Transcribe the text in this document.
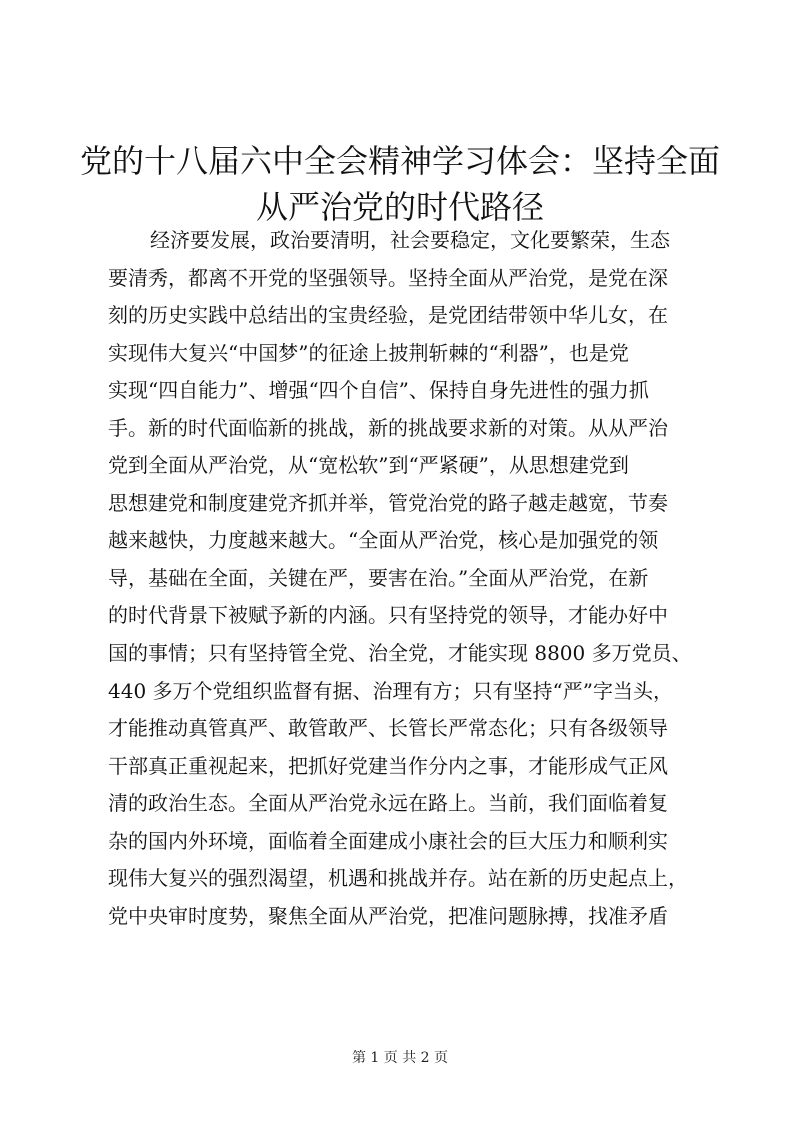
党的十八届六中全会精神学习体会：坚持全面
从严治党的时代路径
经济要发展，政治要清明，社会要稳定，文化要繁荣，生态
要清秀，都离不开党的坚强领导。坚持全面从严治党，是党在深
刻的历史实践中总结出的宝贵经验，是党团结带领中华儿女，在
实现伟大复兴“中国梦”的征途上披荆斩棘的“利器”，也是党
实现“四自能力”、增强“四个自信”、保持自身先进性的强力抓
手。新的时代面临新的挑战，新的挑战要求新的对策。从从严治
党到全面从严治党，从“宽松软”到“严紧硬”，从思想建党到
思想建党和制度建党齐抓并举，管党治党的路子越走越宽，节奏
越来越快，力度越来越大。“全面从严治党，核心是加强党的领
导，基础在全面，关键在严，要害在治。”全面从严治党，在新
的时代背景下被赋予新的内涵。只有坚持党的领导，才能办好中
国的事情；只有坚持管全党、治全党，才能实现 8800 多万党员、
440 多万个党组织监督有据、治理有方；只有坚持“严”字当头，
才能推动真管真严、敢管敢严、长管长严常态化；只有各级领导
干部真正重视起来，把抓好党建当作分内之事，才能形成气正风
清的政治生态。全面从严治党永远在路上。当前，我们面临着复
杂的国内外环境，面临着全面建成小康社会的巨大压力和顺利实
现伟大复兴的强烈渴望，机遇和挑战并存。站在新的历史起点上，
党中央审时度势，聚焦全面从严治党，把准问题脉搏，找准矛盾
第 1 页 共 2 页
